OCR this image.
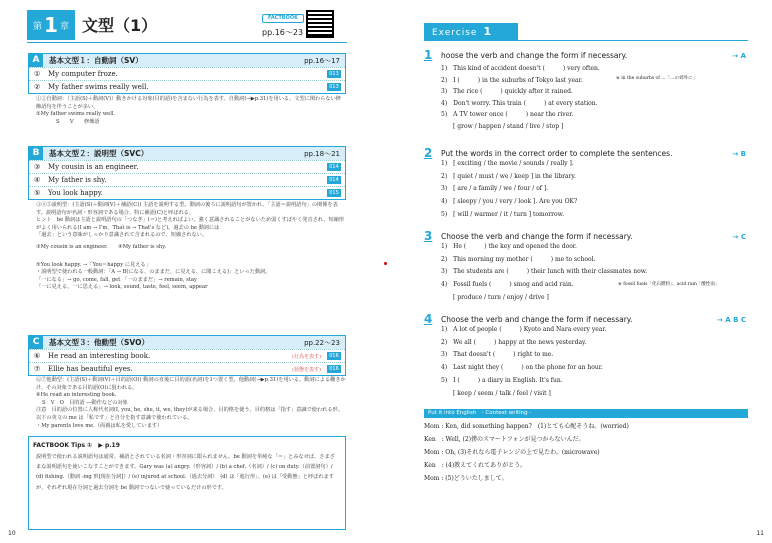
第 1 章 文型（1）	FACTBOOK
pp.16〜23
A	基本文型１：自動詞（SV）	pp.16〜17
①	My computer froze.	013
②	My father swims really well.	013
①②自動詞：（主語(S)＋動詞(V)）動きかける対象(目的語)を含まない行為を表す。自動詞(→▶p.31)を用いる。文型に関わらない修飾語句を伴うことが多い。
②My father swims really well.
S　　V　　修飾語
B	基本文型２：説明型（SVC）	pp.18〜21
③	My cousin is an engineer.	014
④	My father is shy.	014
⑤	You look happy.	015
③④⑤説明型：(主語(S)＋動詞(V)＋補語(C)) 主語を説明する型。動詞の後ろに説明語句が置かれ、「主語＝説明語句」の関係を表す。説明語句が名詞・形容詞である場合、特に補語(C)と呼ばれる。
ヒント　be 動詞は主語と説明語句の「つなぎ」(＝)と考えればよい。強く意識されることがないため弱くすばやく発音され、短縮形がよく用いられる(I am → I'm、That is → That's など)。過去の be 動詞には
「過去」という意味がしっかり意識されて含まれるので、短縮されない。
③My cousin is an engineer.　　④My father is shy.
⑤You look happy. →「You＝happy に見える」
・説明型で使われる一般動詞：「A → B(になる、のままだ、に見える、に聞こえる)」といった動詞。
「一になる」→ go, come, fall, get 「一のままだ」→ remain, stay
「一に見える、一に思える」→ look, sound, taste, feel, seem, appear
C	基本文型３：他動型（SVO）	pp.22〜23
⑥	He read an interesting book.	(行為を表す)	016
⑦	Ellie has beautiful eyes.	(状態を表す)	016
⑥⑦他動型：(主語(S)＋動詞(V)＋目的語(O)) 動詞の直後に目的語(名詞)を1つ置く型。他動詞(→▶p.31)を用いる。動詞による働きかけ、その対象である目的語(O)に狙われる。
⑥He read an interesting book.
S　V　O　目的語 ―動作などの対象
注意　目的語の位置に人称代名詞(I, you, he, she, it, we, they)が来る場合、目的格を使う。目的格は「指す」意識で使われる形。以下の英文の me は「私です」と自分を指す意識で使われている。
・My parents love me.（両親は私を愛しています）
FACTBOOK Tips ①　▶ p.19
説明型で使われる説明語句は通常、補語とされている名詞・形容詞に限られません。be 動詞を単純な「＝」とみなせば、さまざまな説明語句を使いこなすことができます。Gary was (a) angry.（形容詞）/ (b) a chef.（名詞）/ (c) on duty.（前置詞句）/ (d) fishing.（動詞 -ing 形[現在分詞]）/ (e) injured at school.（過去分詞）　(d) は「進行形」、(e) は「受動態」と呼ばれますが、それぞれ現在分詞と過去分詞を be 動詞でつないで使っているだけの形です。
10
Exercise 1
1 hoose the verb and change the form if necessary.	→ A
1)　This kind of accident doesn't (　　　) very often.
2)　I (　　　) in the suburbs of Tokyo last year.
3)　The rice (　　　) quickly after it rained.
4)　Don't worry. This train (　　　) at every station.
5)　A TV tower once (　　　) near the river.
　　[ grow / happen / stand / live / stop ]
※ in the suburbs of ...「…の郊外に」
2 Put the words in the correct order to complete the sentences.	→ B
1)　[ exciting / the movie / sounds / really ].
2)　[ quiet / must / we / keep ] in the library.
3)　[ are / a family / we / four / of ].
4)　[ sleepy / you / very / look ]. Are you OK?
5)　[ will / warmer / it / turn ] tomorrow.
3 Choose the verb and change the form if necessary.	→ C
1)　He (　　　) the key and opened the door.
2)　This morning my mother (　　　) me to school.
3)　The students are (　　　) their lunch with their classmates now.
4)　Fossil fuels (　　　) smog and acid rain.
　　[ produce / turn / enjoy / drive ]
※ fossil fuels「化石燃料」、acid rain「酸性雨」
4 Choose the verb and change the form if necessary.	→ A B C
1)　A lot of people (　　　) Kyoto and Nara every year.
2)　We all (　　　) happy at the news yesterday.
3)　That doesn't (　　　) right to me.
4)　Last night they (　　　) on the phone for an hour.
5)　I (　　　) a diary in English. It's fun.
　　[ keep / seem / talk / feel / visit ]
Put it into English　- Context writing -
Mom : Ken, did something happen?　(1)とても心配そうね。(worried)
Ken　: Well, (2)僕のスマートフォンが見つからないんだ。
Mom : Oh, (3)それなら電子レンジの上で見たわ。(microwave)
Ken　: (4)教えてくれてありがとう。
Mom : (5)どういたしまして。
11
